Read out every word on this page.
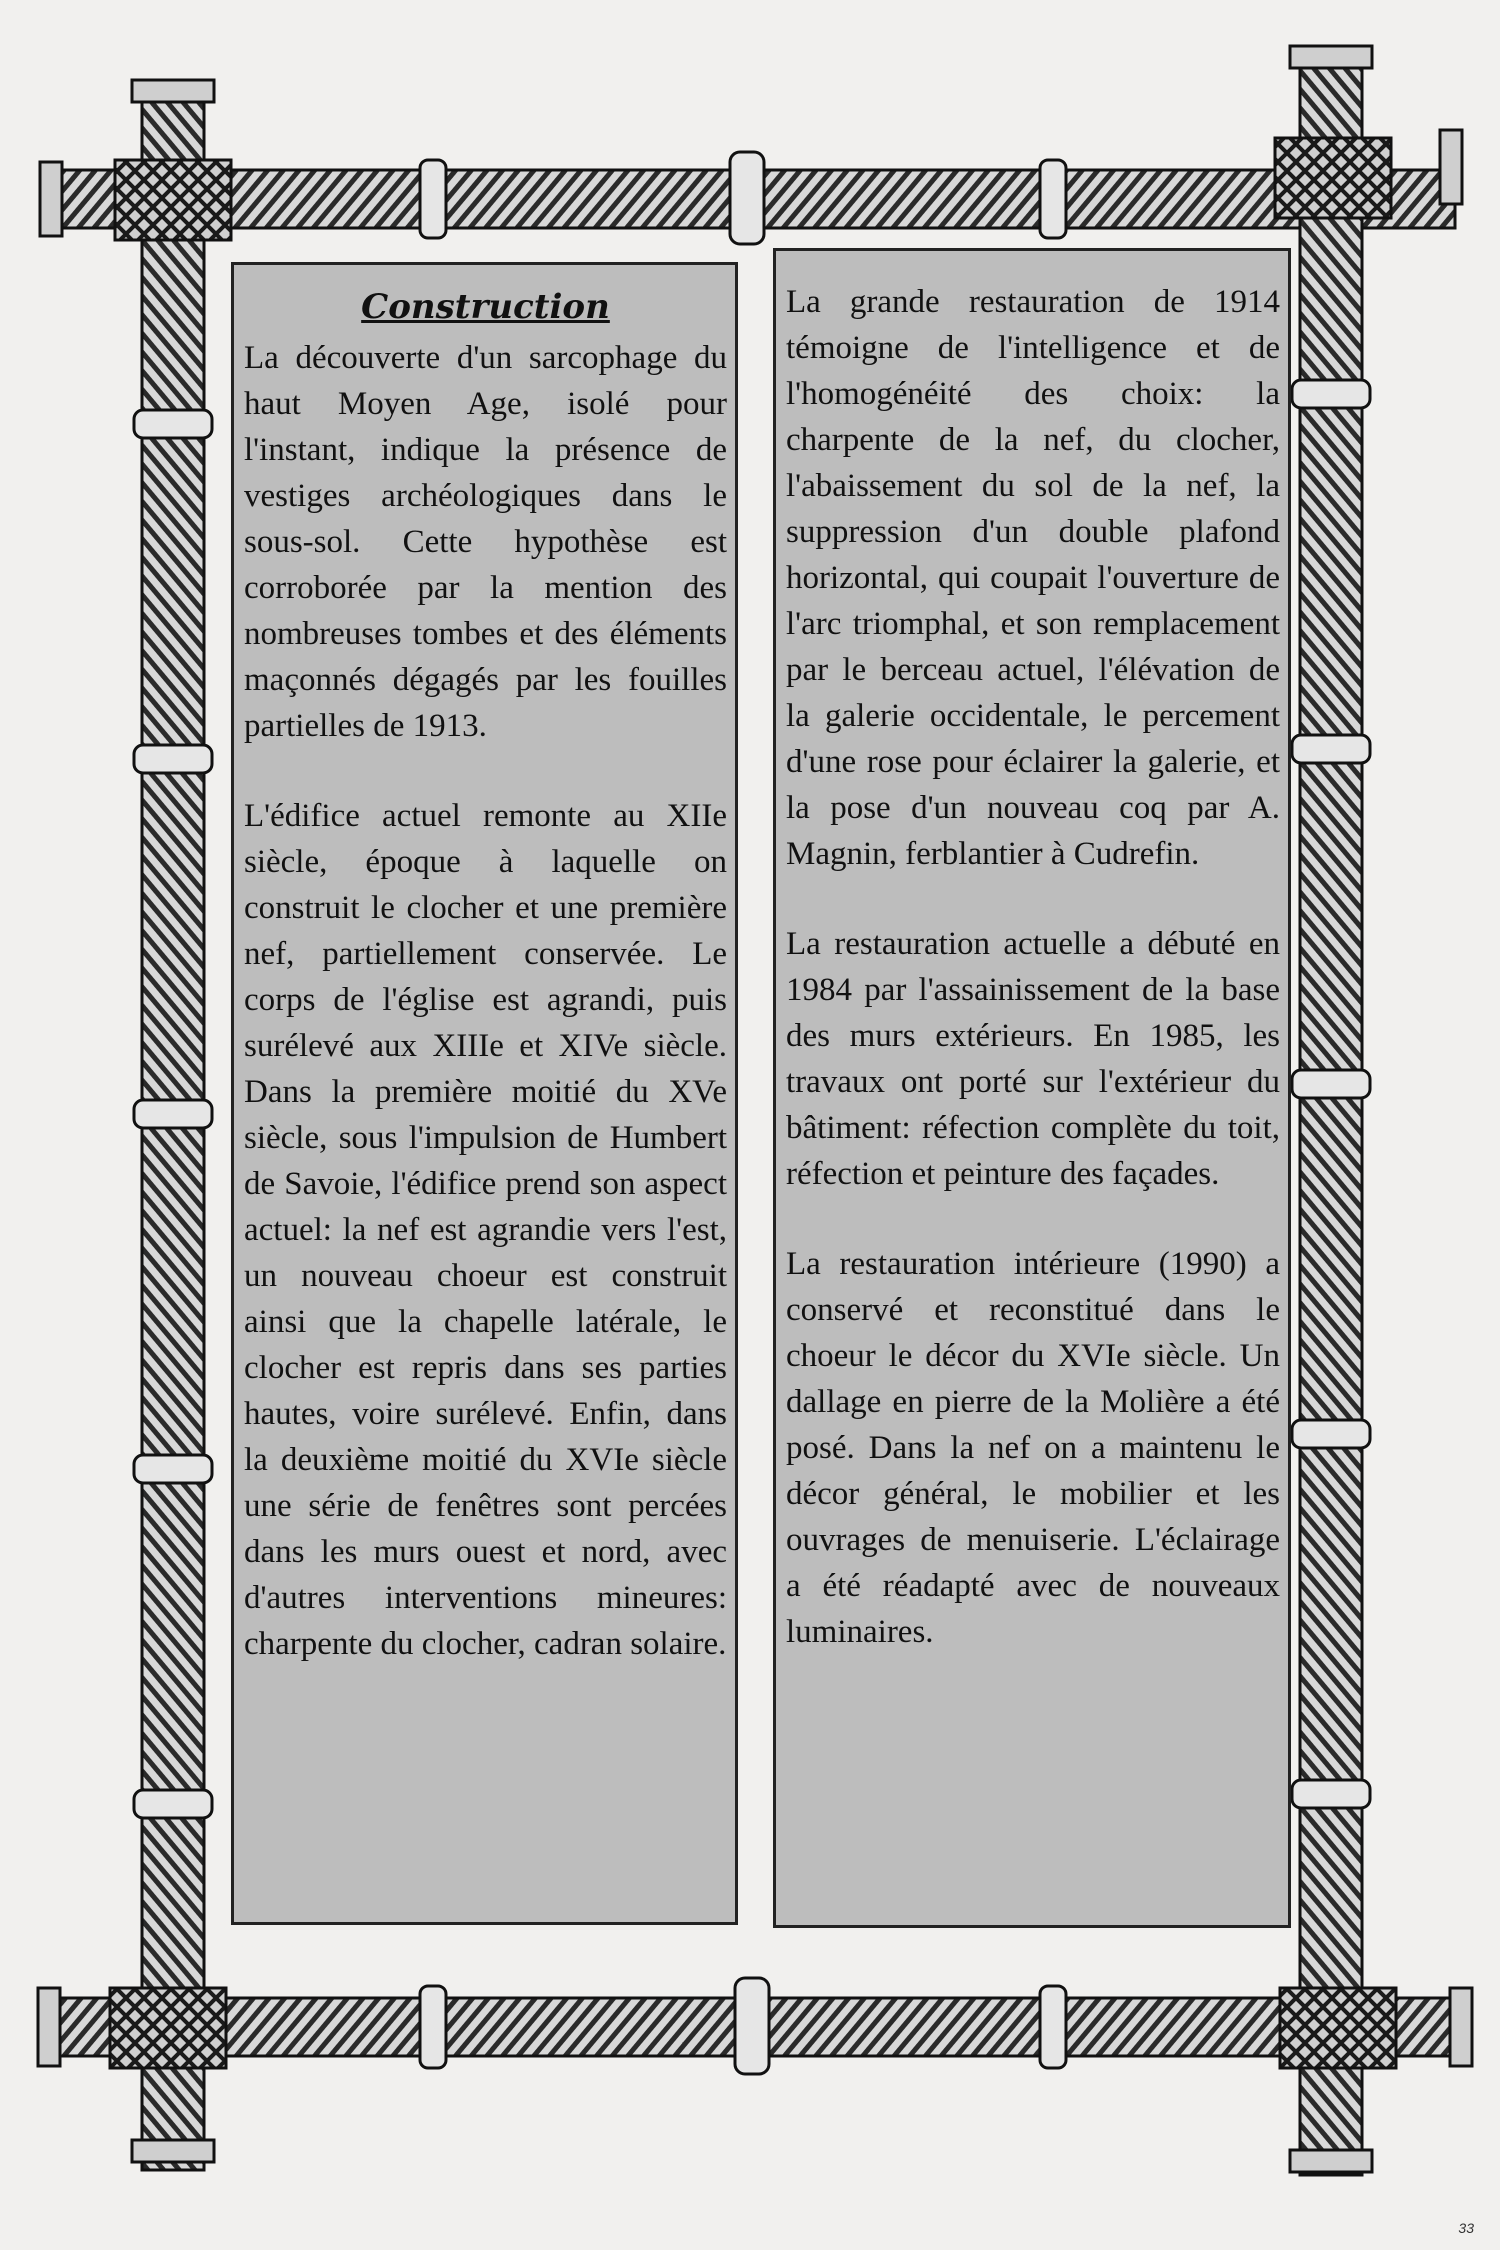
Construction

La découverte d'un sarcophage du haut Moyen Age, isolé pour l'instant, indique la présence de vestiges archéologiques dans le sous-sol. Cette hypothèse est corroborée par la mention des nombreuses tombes et des éléments maçonnés dégagés par les fouilles partielles de 1913.

L'édifice actuel remonte au XIIe siècle, époque à laquelle on construit le clocher et une première nef, partiellement conservée. Le corps de l'église est agrandi, puis surélevé aux XIIIe et XIVe siècle. Dans la première moitié du XVe siècle, sous l'impulsion de Humbert de Savoie, l'édifice prend son aspect actuel: la nef est agrandie vers l'est, un nouveau choeur est construit ainsi que la chapelle latérale, le clocher est repris dans ses parties hautes, voire surélevé. Enfin, dans la deuxième moitié du XVIe siècle une série de fenêtres sont percées dans les murs ouest et nord, avec d'autres interventions mineures: charpente du clocher, cadran solaire.

La grande restauration de 1914 témoigne de l'intelligence et de l'homogénéité des choix: la charpente de la nef, du clocher, l'abaissement du sol de la nef, la suppression d'un double plafond horizontal, qui coupait l'ouverture de l'arc triomphal, et son remplacement par le berceau actuel, l'élévation de la galerie occidentale, le percement d'une rose pour éclairer la galerie, et la pose d'un nouveau coq par A. Magnin, ferblantier à Cudrefin.

La restauration actuelle a débuté en 1984 par l'assainissement de la base des murs extérieurs. En 1985, les travaux ont porté sur l'extérieur du bâtiment: réfection complète du toit, réfection et peinture des façades.

La restauration intérieure (1990) a conservé et reconstitué dans le choeur le décor du XVIe siècle. Un dallage en pierre de la Molière a été posé. Dans la nef on a maintenu le décor général, le mobilier et les ouvrages de menuiserie. L'éclairage a été réadapté avec de nouveaux luminaires.

33
